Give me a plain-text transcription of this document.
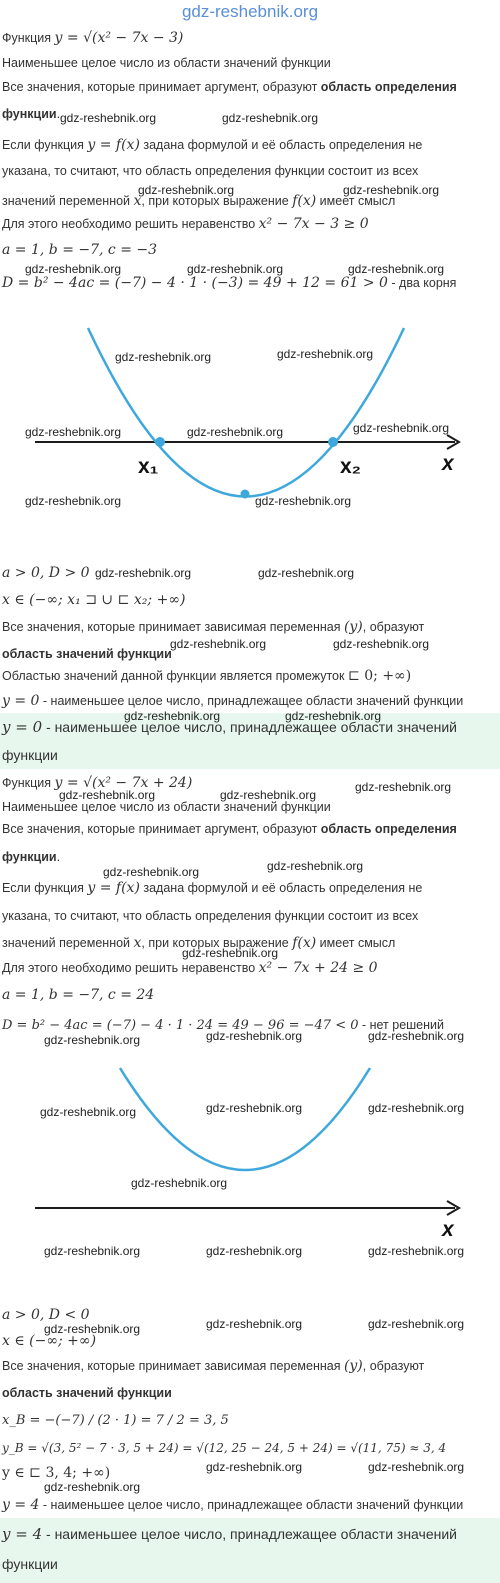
gdz-reshebnik.org
Функция y = √(x² − 7x − 3)
Наименьшее целое число из области значений функции
Все значения, которые принимает аргумент, образуют область определения
функции.
Если функция y = f(x) задана формулой и её область определения не
указана, то считают, что область определения функции состоит из всех
значений переменной x, при которых выражение f(x) имеет смысл
Для этого необходимо решить неравенство x² − 7x − 3 ≥ 0
a = 1, b = −7, c = −3
D = b² − 4ac = (−7) − 4 · 1 · (−3) = 49 + 12 = 61 > 0 - два корня
x₁	x₂	x
a > 0, D > 0
x ∈ (−∞; x₁ ⊐ ∪ ⊏ x₂; +∞)
Все значения, которые принимает зависимая переменная (y), образуют
область значений функции
Областью значений данной функции является промежуток ⊏ 0; +∞)
y = 0 - наименьшее целое число, принадлежащее области значений функции
y = 0 - наименьшее целое число, принадлежащее области значений
функции
Функция y = √(x² − 7x + 24)
Наименьшее целое число из области значений функции
Все значения, которые принимает аргумент, образуют область определения
функции.
Если функция y = f(x) задана формулой и её область определения не
указана, то считают, что область определения функции состоит из всех
значений переменной x, при которых выражение f(x) имеет смысл
Для этого необходимо решить неравенство x² − 7x + 24 ≥ 0
a = 1, b = −7, c = 24
D = b² − 4ac = (−7) − 4 · 1 · 24 = 49 − 96 = −47 < 0 - нет решений
x
a > 0, D < 0
x ∈ (−∞; +∞)
Все значения, которые принимает зависимая переменная (y), образуют
область значений функции
x_B = −(−7) / (2 · 1) = 7 / 2 = 3, 5
y_B = √(3, 5² − 7 · 3, 5 + 24) = √(12, 25 − 24, 5 + 24) = √(11, 75) ≈ 3, 4
y ∈ ⊏ 3, 4; +∞)
y = 4 - наименьшее целое число, принадлежащее области значений функции
y = 4 - наименьшее целое число, принадлежащее области значений
функции
gdz-reshebnik.org	gdz-reshebnik.org
gdz-reshebnik.org	gdz-reshebnik.org
gdz-reshebnik.org	gdz-reshebnik.org	gdz-reshebnik.org
gdz-reshebnik.org	gdz-reshebnik.org
gdz-reshebnik.org	gdz-reshebnik.org	gdz-reshebnik.org
gdz-reshebnik.org	gdz-reshebnik.org
gdz-reshebnik.org	gdz-reshebnik.org
gdz-reshebnik.org	gdz-reshebnik.org
gdz-reshebnik.org	gdz-reshebnik.org
gdz-reshebnik.org	gdz-reshebnik.org
gdz-reshebnik.org
gdz-reshebnik.org	gdz-reshebnik.org
gdz-reshebnik.org
gdz-reshebnik.org	gdz-reshebnik.org	gdz-reshebnik.org
gdz-reshebnik.org	gdz-reshebnik.org	gdz-reshebnik.org
gdz-reshebnik.org
gdz-reshebnik.org	gdz-reshebnik.org	gdz-reshebnik.org
gdz-reshebnik.org	gdz-reshebnik.org	gdz-reshebnik.org
gdz-reshebnik.org
gdz-reshebnik.org	gdz-reshebnik.org
